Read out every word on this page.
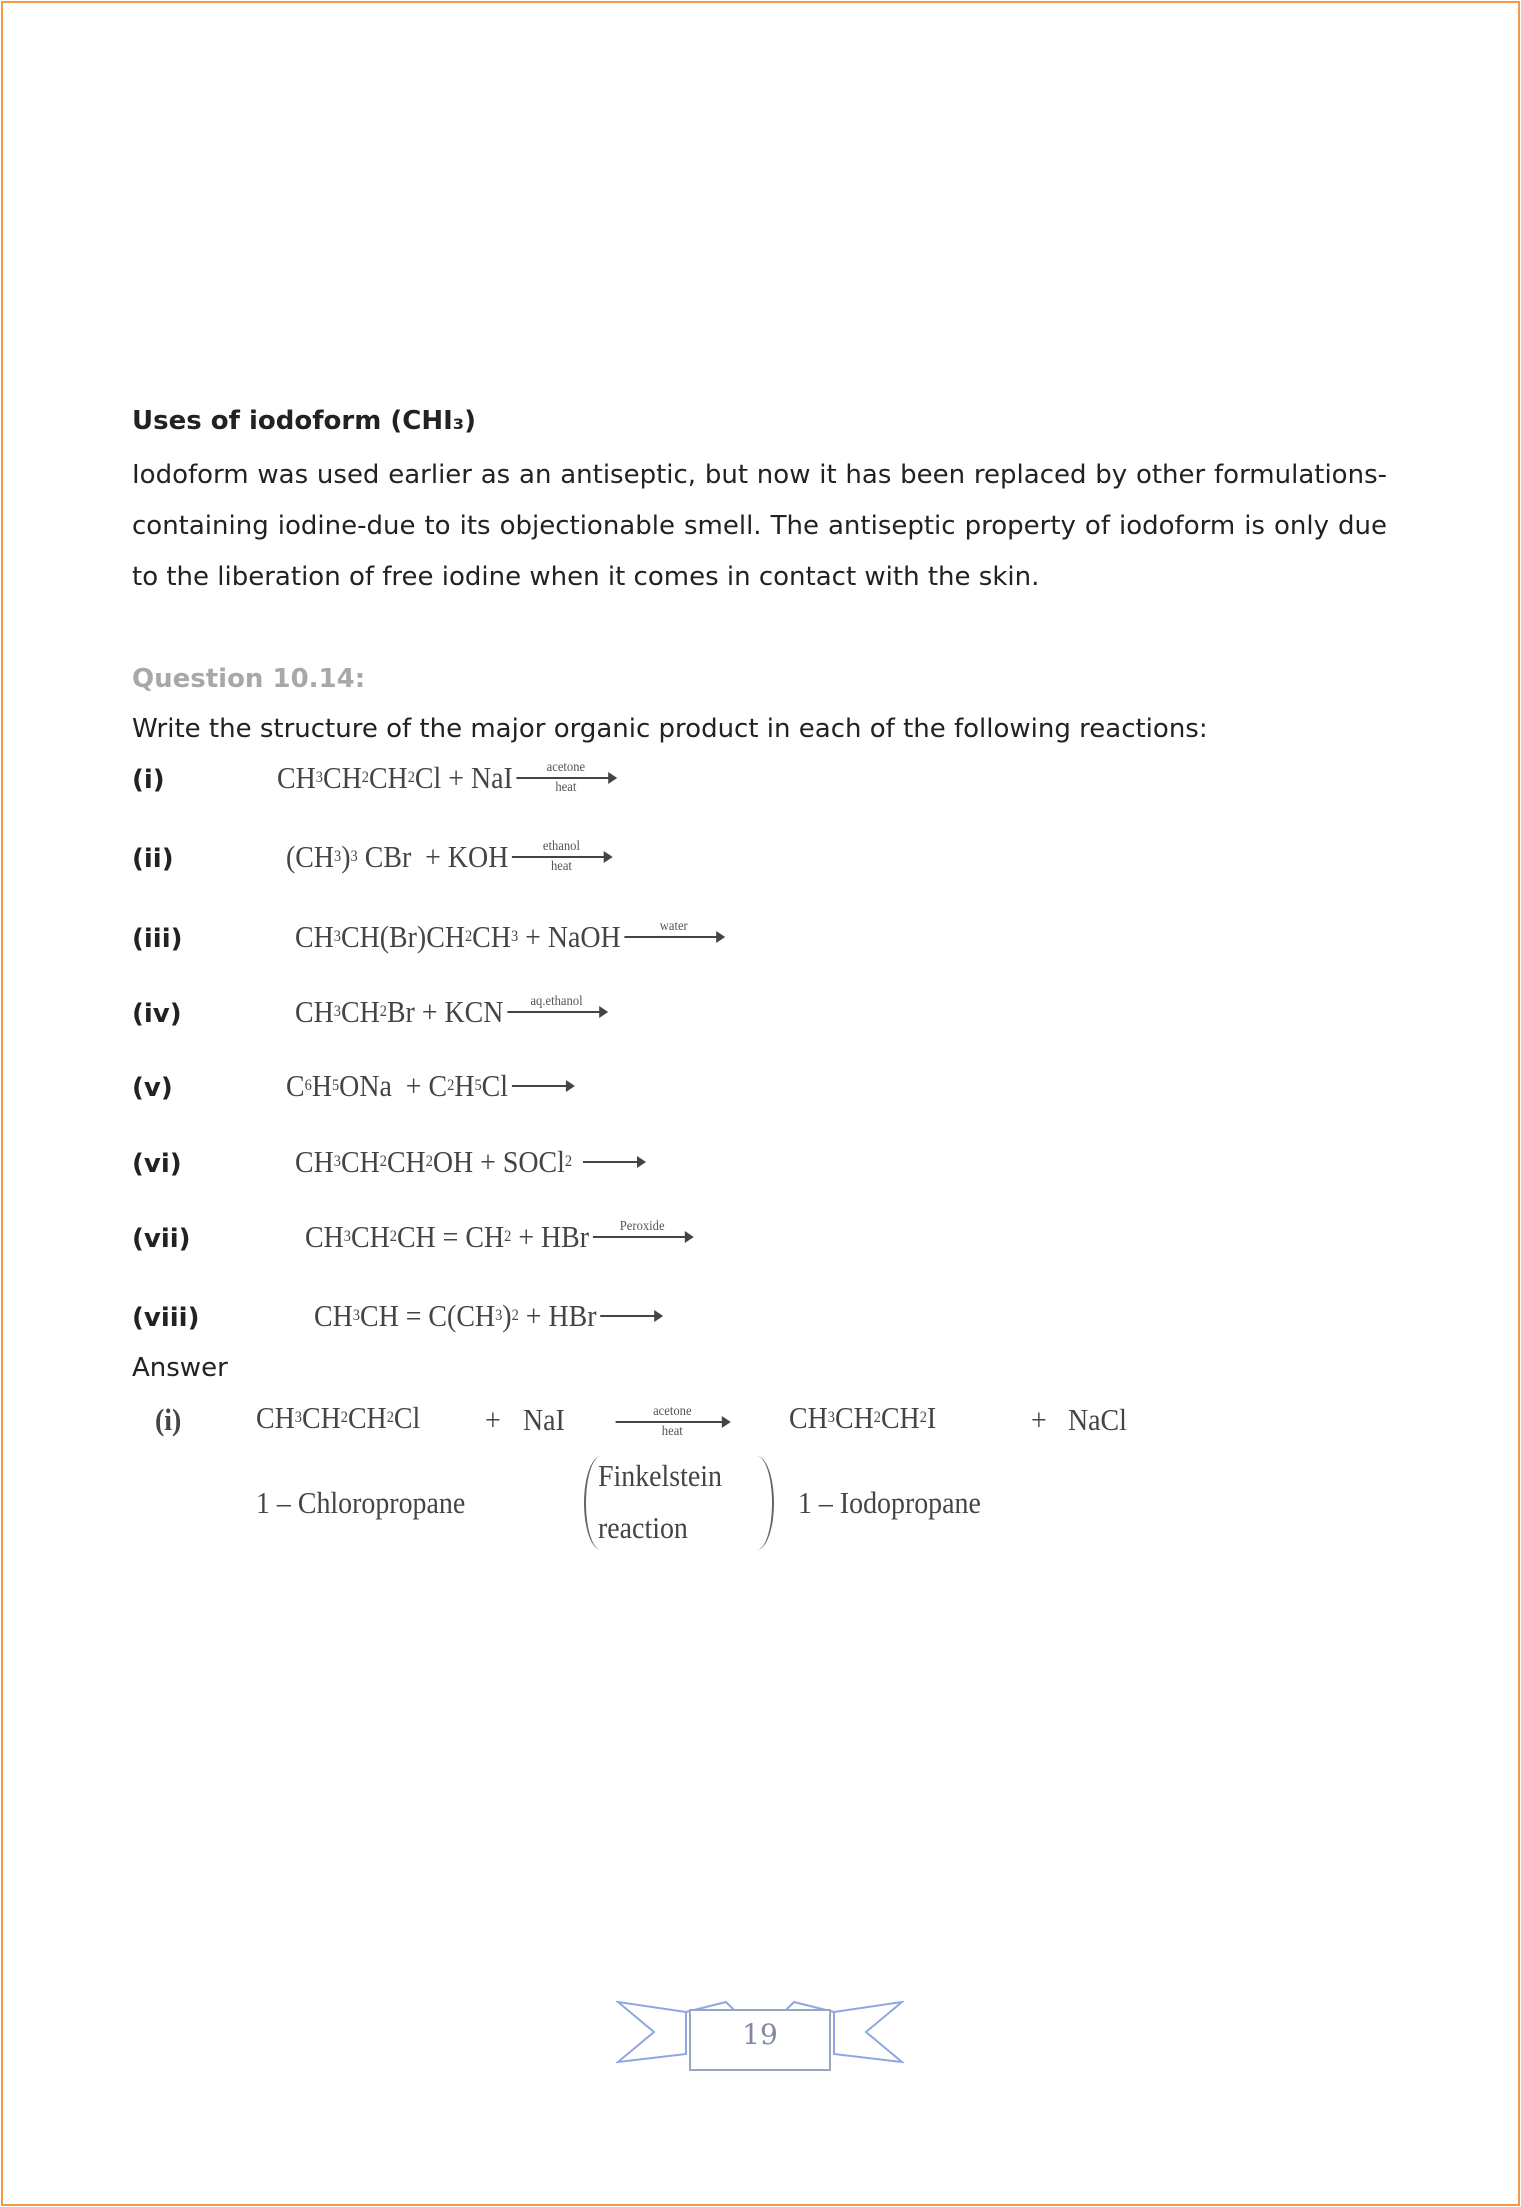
Uses of iodoform (CHI₃)
Iodoform was used earlier as an antiseptic, but now it has been replaced by other formulations-containing iodine-due to its objectionable smell. The antiseptic property of iodoform is only due to the liberation of free iodine when it comes in contact with the skin.
Question 10.14:
Write the structure of the major organic product in each of the following reactions:
(i)	CH 3 CH 2 CH 2 Cl + NaI acetone
heat
(ii)	(CH 3 ) 3 CBr  + KOH ethanol
heat
(iii)	CH 3 CH(Br)CH 2 CH 3 + NaOH	water
(iv)	CH 3 CH 2 Br + KCN aq.ethanol
(v)	C 6 H 5 ONa  + C 2 H 5 Cl
(vi)	CH 3 CH 2 CH 2 OH + SOCl 2

(vii)	CH 3 CH 2 CH = CH 2 + HBr Peroxide
(viii)	CH 3 CH = C(CH 3 ) 2 + HBr
Answer
(i) CH 3 CH 2 CH 2 Cl + NaI	acetone
heat	CH 3 CH 2 CH 2 I	+ NaCl
1 – Chloropropane
Finkelstein
reaction
1 – Iodopropane
19
